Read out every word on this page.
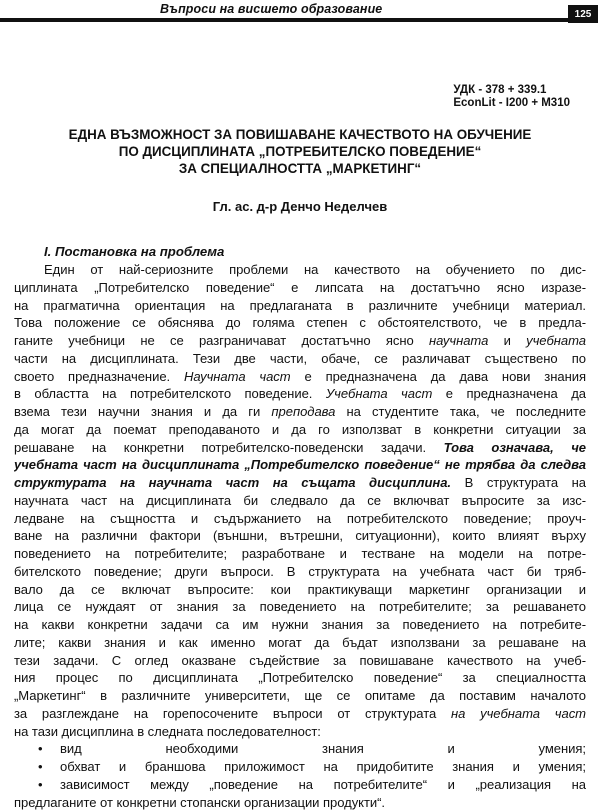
Въпроси на висшето образование	125
УДК - 378 + 339.1
EconLit - I200 + M310
ЕДНА ВЪЗМОЖНОСТ ЗА ПОВИШАВАНЕ КАЧЕСТВОТО НА ОБУЧЕНИЕ
ПО ДИСЦИПЛИНАТА „ПОТРЕБИТЕЛСКО ПОВЕДЕНИЕ“
ЗА СПЕЦИАЛНОСТТА „МАРКЕТИНГ“
Гл. ас. д-р Денчо Неделчев
I. Постановка на проблема
Един от най-сериозните проблеми на качеството на обучението по дис-
циплината „Потребителско поведение“ е липсата на достатъчно ясно изразе-
на прагматична ориентация на предлаганата в различните учебници материал.
Това положение се обяснява до голяма степен с обстоятелството, че в предла-
ганите учебници не се разграничават достатъчно ясно научната и учебната
части на дисциплината. Тези две части, обаче, се различават съществено по
своето предназначение. Научната част е предназначена да дава нови знания
в областта на потребителското поведение. Учебната част е предназначена да
взема тези научни знания и да ги преподава на студентите така, че последните
да могат да поемат преподаваното и да го използват в конкретни ситуации за
решаване на конкретни потребителско-поведенски задачи. Това означава, че
учебната част на дисциплината „Потребителско поведение“ не трябва да следва
структурата на научната част на същата дисциплина. В структурата на
научната част на дисциплината би следвало да се включват въпросите за изс-
ледване на същността и съдържанието на потребителското поведение; проуч-
ване на различни фактори (външни, вътрешни, ситуационни), които влияят върху
поведението на потребителите; разработване и тестване на модели на потре-
бителското поведение; други въпроси. В структурата на учебната част би тряб-
вало да се включат въпросите: кои практикуващи маркетинг организации и
лица се нуждаят от знания за поведението на потребителите; за решаването
на какви конкретни задачи са им нужни знания за поведението на потребите-
лите; какви знания и как именно могат да бъдат използвани за решаване на
тези задачи. С оглед оказване съдействие за повишаване качеството на учеб-
ния процес по дисциплината „Потребителско поведение“ за специалността
„Маркетинг“ в различните университети, ще се опитаме да поставим началото
за разглеждане на горепосочените въпроси от структурата на учебната част
на тази дисциплина в следната последователност:
•	вид необходими знания и умения;
•	обхват и браншова приложимост на придобитите знания и умения;
•	зависимост между „поведение на потребителите“ и „реализация на
предлаганите от конкретни стопански организации продукти“.
